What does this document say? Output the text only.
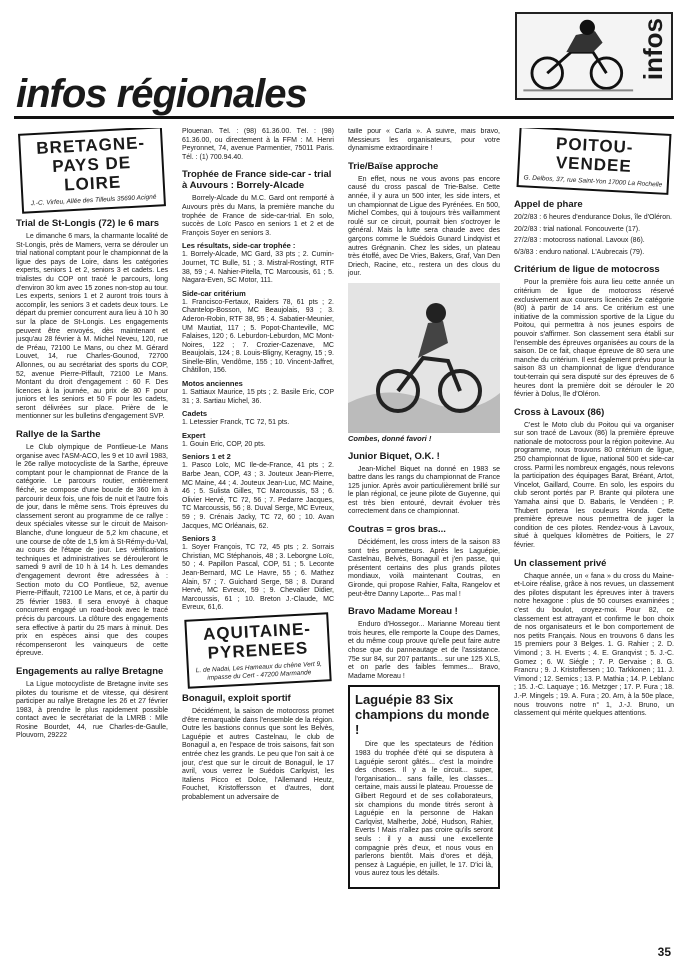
infos
infos régionales
BRETAGNE-PAYS DE LOIRE
J.-C. Virfeu, Allée des Tilleuls 35690 Acigné
Trial de St-Longis (72) le 6 mars

Le dimanche 6 mars, la charmante localité de St-Longis, près de Mamers, verra se dérouler un trial national comptant pour le championnat de la ligue des pays de Loire, dans les catégories experts, seniors 1 et 2, seniors 3 et cadets. Les trialistes du COP ont tracé le parcours, long d'environ 30 km avec 15 zones non-stop au tour. Les experts, seniors 1 et 2 auront trois tours à accomplir, les seniors 3 et cadets deux tours. Le départ du premier concurrent aura lieu à 10 h 30 sur la place de St-Longis. Les engagements peuvent être envoyés, dès maintenant et jusqu'au 28 février à M. Michel Neveu, 120, rue de Préau, 72100 Le Mans, ou chez M. Gérard Louvet, 14, rue Charles-Gounod, 72700 Allonnes, ou au secrétariat des sports du COP, 52, avenue Pierre-Piffault, 72100 Le Mans. Montant du droit d'engagement : 60 F. Des licences à la journée, au prix de 80 F pour juniors et les seniors et 50 F pour les cadets, seront délivrées sur place. Prière de le mentionner sur les bulletins d'engagement SVP.

Rallye de la Sarthe

Le Club olympique de Pontlieue-Le Mans organise avec l'ASM-ACO, les 9 et 10 avril 1983, le 26e rallye motocycliste de la Sarthe, épreuve comptant pour le championnat de France de la catégorie. Le parcours routier, entièrement fléché, se compose d'une boucle de 360 km à parcourir deux fois, une fois de nuit et l'autre fois de jour, dans le même sens. Trois épreuves du classement seront au programme de ce rallye : deux spéciales vitesse sur le circuit de Maison-Blanche, d'une longueur de 5,2 km chacune, et une course de côte de 1,5 km à St-Rémy-du-Val, au cours de l'étape de jour. Les vérifications techniques et administratives se dérouleront le samedi 9 avril de 10 h à 14 h. Les demandes d'engagement devront être adressées à : Section moto du CO Pontlieue, 52, avenue Pierre-Piffault, 72100 Le Mans, et ce, à partir du 25 février 1983. Il sera envoyé à chaque concurrent engagé un road-book avec le tracé précis du parcours. La clôture des engagements sera effective à partir du 25 mars à minuit. Des prix en espèces ainsi que des coupes récompenseront les vainqueurs de cette épreuve.

Engagements au rallye Bretagne

La Ligue motocycliste de Bretagne invite ses pilotes du tourisme et de vitesse, qui désirent participer au rallye Bretagne les 26 et 27 février 1983, à prendre le plus rapidement possible contact avec le secrétariat de la LMRB : Mlle Rosine Bourdet, 44, rue Charles-de-Gaulle, Plouvorn, 29222

Plouenan. Tél. : (98) 61.36.00. Tél. : (98) 61.36.00, ou directement à la FFM : M. Henri Peyronnet, 74, avenue Parmentier, 75011 Paris. Tél. : (1) 700.94.40.

Trophée de France side-car - trial à Auvours : Borrely-Alcade

Borrely-Alcade du M.C. Gard ont remporté à Auvours près du Mans, la première manche du trophée de France de side-car-trial. En solo, succès de Loïc Pasco en seniors 1 et 2 et de François Soyer en seniors 3.

Les résultats, side-car trophée :

1. Borrely-Alcade, MC Gard, 33 pts ; 2. Cumin-Journet, TC Bulle, 51 ; 3. Mistral-Rostingt, RTF 38, 59 ; 4. Nahier-Pitella, TC Marcousis, 61 ; 5. Nagara-Even, SC Motor, 111.

Side-car critérium

1. Francisco-Fertaux, Raiders 78, 61 pts ; 2. Chantelop-Bosson, MC Beaujolais, 93 ; 3. Aderon-Robin, RTF 38, 95 ; 4. Sabatier-Meunier, UM Mautiat, 117 ; 5. Popot-Chanteville, MC Falaises, 120 ; 6. Leburdon-Leburdon, MC Mont-Noires, 122 ; 7. Crozier-Cazenave, MC Beaujolais, 124 ; 8. Louis-Bligny, Keragny, 15 ; 9. Sinelle-Blin, Vendôme, 155 ; 10. Vincent-Jaffret, Châtillon, 156.

Motos anciennes

1. Sattiaux Maurice, 15 pts ; 2. Basile Eric, COP 31 ; 3. Sartiau Michel, 36.

Cadets

1. Letessier Franck, TC 72, 51 pts.

Expert

1. Gouin Eric, COP, 20 pts.

Seniors 1 et 2

1. Pasco Loïc, MC Ile-de-France, 41 pts ; 2. Barbe Jean, COP, 43 ; 3. Jouteux Jean-Pierre, MC Maine, 44 ; 4. Jouteux Jean-Luc, MC Maine, 46 ; 5. Sulista Gilles, TC Marcoussis, 53 ; 6. Olivier Hervé, TC 72, 56 ; 7. Pedarre Jacques, TC Marcoussis, 56 ; 8. Duval Serge, MC Evreux, 59 ; 9. Crénais Jacky, TC 72, 60 ; 10. Avan Jacques, MC Orléanais, 62.

Seniors 3

1. Soyer François, TC 72, 45 pts ; 2. Sorrais Christian, MC Stéphanois, 48 ; 3. Leborgne Loïc, 50 ; 4. Papillon Pascal, COP, 51 ; 5. Leconte Jean-Bernard, MC Le Havre, 55 ; 6. Mathez Alain, 57 ; 7. Guichard Serge, 58 ; 8. Durand Hervé, MC Evreux, 59 ; 9. Chevalier Didier, Marcoussis, 61 ; 10. Breton J.-Claude, MC Evreux, 61,6.

AQUITAINE-PYRENEES
L. de Nadai, Les Hameaux du chêne Vert 9, impasse du Cert - 47200 Marmande
Bonaguil, exploit sportif

Décidément, la saison de motocross promet d'être remarquable dans l'ensemble de la région. Outre les bastions connus que sont les Belvès, Laguépie et autres Castelnau, le club de Bonaguil a, en l'espace de trois saisons, fait son entrée chez les grands. Le peu que l'on sait à ce jour, c'est que sur le circuit de Bonaguil, le 17 avril, vous verrez le Suédois Carlqvist, les Italiens Picco et Dolce, l'Allemand Heutz, Fouchet, Kristoffersson et d'autres, dont probablement un adversaire de

taille pour « Carla ». A suivre, mais bravo, Messieurs les organisateurs, pour votre dynamisme extraordinaire !

Trie/Baïse approche

En effet, nous ne vous avons pas encore causé du cross pascal de Trie-Baïse. Cette année, il y aura un 500 inter, les side inters, et un championnat de Ligue des Pyrénées. En 500, Michel Combes, qui à toujours très vaillamment roulé sur ce circuit, pourrait bien s'octroyer le général. Mais la lutte sera chaude avec des garçons comme le Suédois Gunard Lindqvist et autres Grégnanin. Chez les sides, un plateau très étoffé, avec De Vries, Bakers, Graf, Van Den Driech, Racine, etc., restera un des clous du jour.

Combes, donné favori !
Junior Biquet, O.K. !

Jean-Michel Biquet na donné en 1983 se battre dans les rangs du championnat de France 125 junior. Après avoir particulièrement brillé sur le plan régional, ce jeune pilote de Guyenne, qui est très bien entouré, devrait évoluer très correctement dans ce championnat.

Coutras = gros bras...

Décidément, les cross inters de la saison 83 sont très prometteurs. Après les Laguépie, Castelnau, Belvès, Bonaguil et j'en passe, qui présentent certains des plus grands pilotes mondiaux, voilà maintenant Coutras, en Gironde, qui propose Rahier, Falta, Rangelov et peut-être Danny Laporte... Pas mal !

Bravo Madame Moreau !

Enduro d'Hossegor... Marianne Moreau tient trois heures, elle remporte la Coupe des Dames, et du même coup prouve qu'elle peut faire autre chose que du panneautage et de l'assistance. 75e sur 84, sur 207 partants... sur une 125 XLS, et on parle des faibles femmes... Bravo, Madame Moreau !

Laguépie 83 Six champions du monde !

Dire que les spectateurs de l'édition 1983 du trophée d'été qui se disputera à Laguépie seront gâtés... c'est la moindre des choses. Il y a le circuit... super, l'organisation... sans faille, les classes... certaine, mais aussi le plateau. Prouesse de Gilbert Regourd et de ses collaborateurs, six champions du monde titrés seront à Laguépie en la personne de Hakan Carlqvist, Malherbe, Jobé, Hudson, Rahier, Everts ! Mais n'allez pas croire qu'ils seront seuls : il y a aussi une excellente compagnie près d'eux, et nous vous en parlerons bientôt. Mais d'ores et déjà, pensez à Laguépie, en juillet, le 17. D'ici là, vous aurez tous les détails.

POITOU-VENDEE
G. Delbos, 37, rue Saint-Yon 17000 La Rochelle
Appel de phare

20/2/83 : 6 heures d'endurance Dolus, île d'Oléron.

20/2/83 : trial national. Foncouverte (17).

27/2/83 : motocross national. Lavoux (86).

6/3/83 : enduro national. L'Aubrecais (79).

Critérium de ligue de motocross

Pour la première fois aura lieu cette année un critérium de ligue de motocross réservé exclusivement aux coureurs licenciés 2e catégorie (80) à partir de 14 ans. Ce critérium est une initiative de la commission sportive de la Ligue du Poitou, qui permettra à nos jeunes espoirs de pouvoir s'affirmer. Son classement sera établi sur l'ensemble des épreuves organisées au cours de la saison. De ce fait, chaque épreuve de 80 sera une manche du critérium. Il est également prévu pour la saison 83 un championnat de ligue d'endurance tout-terrain qui sera disputé sur des épreuves de 6 heures dont la première doit se dérouler le 20 février à Dolus, île d'Oléron.

Cross à Lavoux (86)

C'est le Moto club du Poitou qui va organiser sur son tracé de Lavoux (86) la première épreuve nationale de motocross pour la région poitevine. Au programme, nous trouvons 80 critérium de ligue, 250 championnat de ligue, national 500 et side-car cross. Parmi les nombreux engagés, nous relevons la participation des équipages Barat, Bréant, Artot, Vincelot, Gaillard, Courre. En solo, les espoirs du club seront portés par P. Brante qui pilotera une Yamaha ainsi que D. Babaris, le Vendéen ; P. Thubert portera les couleurs Honda. Cette première épreuve nous permettra de juger la condition de ces pilotes. Rendez-vous à Lavoux, situé à quelques kilomètres de Poitiers, le 27 février.

Un classement privé

Chaque année, un « fana » du cross du Maine-et-Loire réalise, grâce à nos revues, un classement des pilotes disputant les épreuves inter à travers notre hexagone : plus de 50 courses examinées ; c'est du boulot, croyez-moi. Pour 82, ce classement est attrayant et confirme le bon choix de nos organisateurs et le bon comportement de nos petits Français. Nous en trouvons 6 dans les 15 premiers pour 3 Belges. 1. G. Rahier ; 2. D. Vimond ; 3. H. Everts ; 4. E. Granqvist ; 5. J.-C. Gomez ; 6. W. Siégle ; 7. P. Gervaise ; 8. G. Francru ; 9. J. Kristoffersen ; 10. Tarkkonen ; 11. J. Vimond ; 12. Semics ; 13. P. Mathia ; 14. P. Leblanc ; 15. J.-C. Laquaye ; 16. Metzger ; 17. P. Fura ; 18. J.-P. Mingels ; 19. A. Fura ; 20. Arn, à la 50e place, nous trouvons notre n° 1, J.-J. Bruno, un classement qui mérite quelques attentions.

35
